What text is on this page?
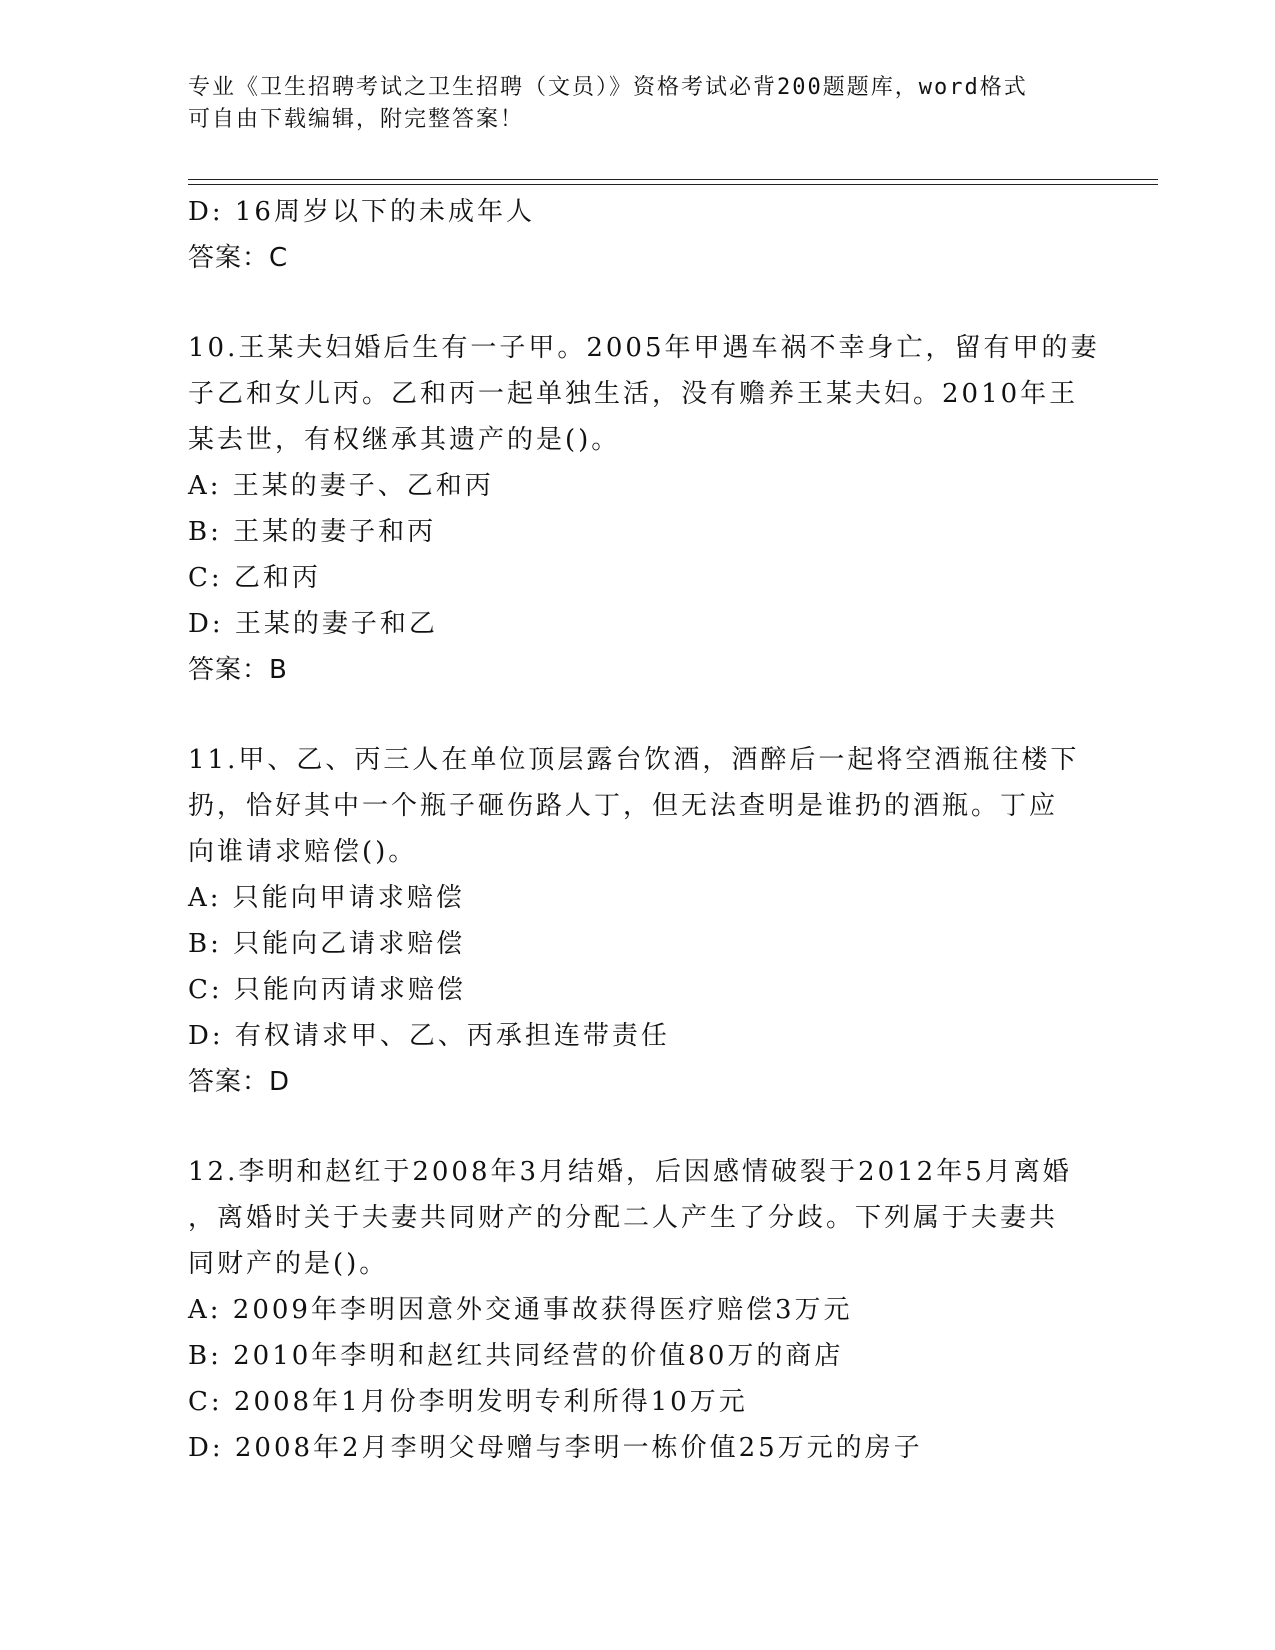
专业《卫生招聘考试之卫生招聘（文员）》资格考试必背200题题库，word格式
可自由下载编辑，附完整答案！
D: 16周岁以下的未成年人
答案：C
10.王某夫妇婚后生有一子甲。2005年甲遇车祸不幸身亡，留有甲的妻
子乙和女儿丙。乙和丙一起单独生活，没有赡养王某夫妇。2010年王
某去世，有权继承其遗产的是()。
A: 王某的妻子、乙和丙
B: 王某的妻子和丙
C: 乙和丙
D: 王某的妻子和乙
答案：B
11.甲、乙、丙三人在单位顶层露台饮酒，酒醉后一起将空酒瓶往楼下
扔，恰好其中一个瓶子砸伤路人丁，但无法查明是谁扔的酒瓶。丁应
向谁请求赔偿()。
A: 只能向甲请求赔偿
B: 只能向乙请求赔偿
C: 只能向丙请求赔偿
D: 有权请求甲、乙、丙承担连带责任
答案：D
12.李明和赵红于2008年3月结婚，后因感情破裂于2012年5月离婚
，离婚时关于夫妻共同财产的分配二人产生了分歧。下列属于夫妻共
同财产的是()。
A: 2009年李明因意外交通事故获得医疗赔偿3万元
B: 2010年李明和赵红共同经营的价值80万的商店
C: 2008年1月份李明发明专利所得10万元
D: 2008年2月李明父母赠与李明一栋价值25万元的房子
